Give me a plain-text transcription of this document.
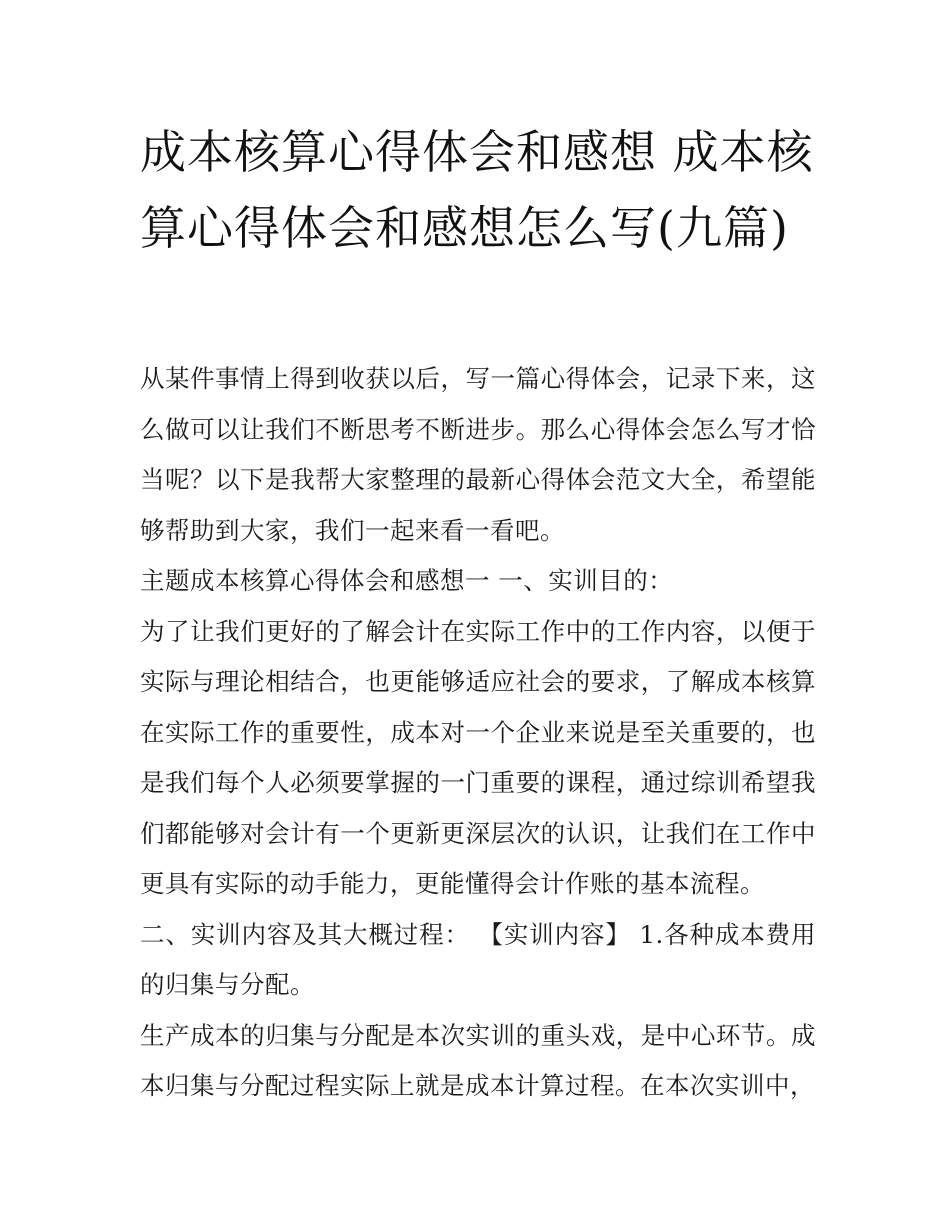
成本核算心得体会和感想 成本核算心得体会和感想怎么写(九篇)

从某件事情上得到收获以后，写一篇心得体会，记录下来，这么做可以让我们不断思考不断进步。那么心得体会怎么写才恰当呢？以下是我帮大家整理的最新心得体会范文大全，希望能够帮助到大家，我们一起来看一看吧。

主题成本核算心得体会和感想一 一、实训目的：

为了让我们更好的了解会计在实际工作中的工作内容，以便于实际与理论相结合，也更能够适应社会的要求，了解成本核算在实际工作的重要性，成本对一个企业来说是至关重要的，也是我们每个人必须要掌握的一门重要的课程，通过综训希望我们都能够对会计有一个更新更深层次的认识，让我们在工作中更具有实际的动手能力，更能懂得会计作账的基本流程。

二、实训内容及其大概过程： 【实训内容】 1.各种成本费用的归集与分配。

生产成本的归集与分配是本次实训的重头戏，是中心环节。成本归集与分配过程实际上就是成本计算过程。在本次实训中，
